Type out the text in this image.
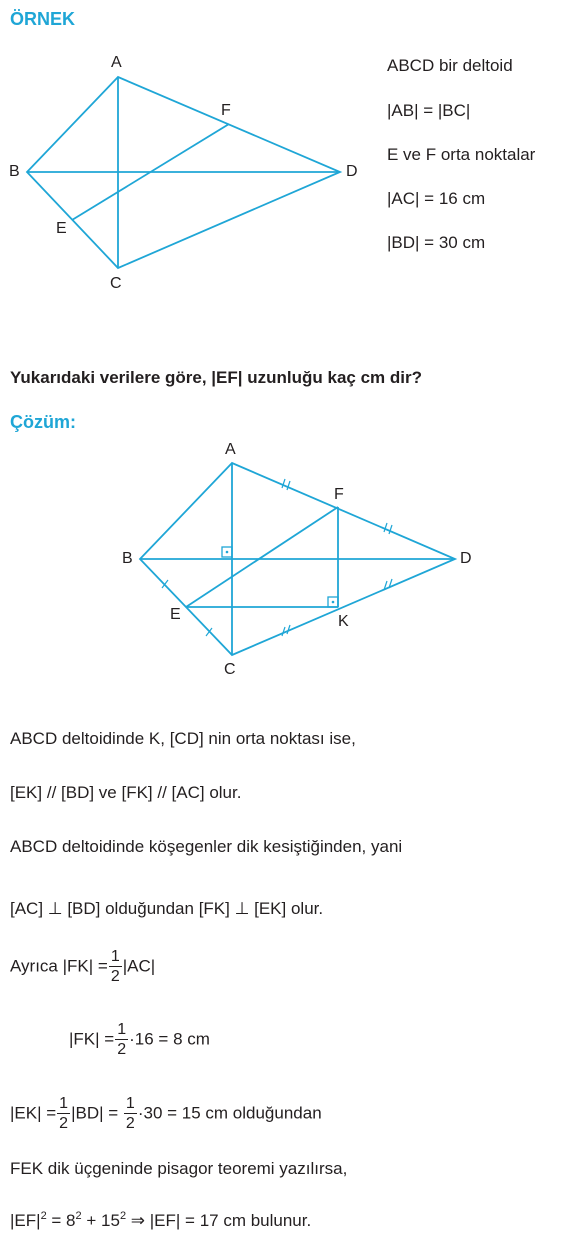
ÖRNEK
A
F
B	D
E
C
ABCD bir deltoid
|AB| = |BC|
E ve F orta noktalar
|AC| = 16 cm
|BD| = 30 cm
Yukarıdaki verilere göre, |EF| uzunluğu kaç cm dir?
Çözüm:
A
F
B	D
E	K
C
ABCD deltoidinde K, [CD] nin orta noktası ise,
[EK] // [BD] ve [FK] // [AC] olur.
ABCD deltoidinde köşegenler dik kesiştiğinden, yani
[AC] ⊥ [BD] olduğundan [FK] ⊥ [EK] olur.
Ayrıca $|FK| = \frac{1}{2} |AC|$
$|FK| = \frac{1}{2} \cdot 16 = 8$ cm
$|EK| = \frac{1}{2} |BD| = \frac{1}{2} \cdot 30 = 15$ cm olduğundan
FEK dik üçgeninde pisagor teoremi yazılırsa,
$|EF|^2 = 8^2 + 15^2$ ⇒ |EF| = 17 cm bulunur.
